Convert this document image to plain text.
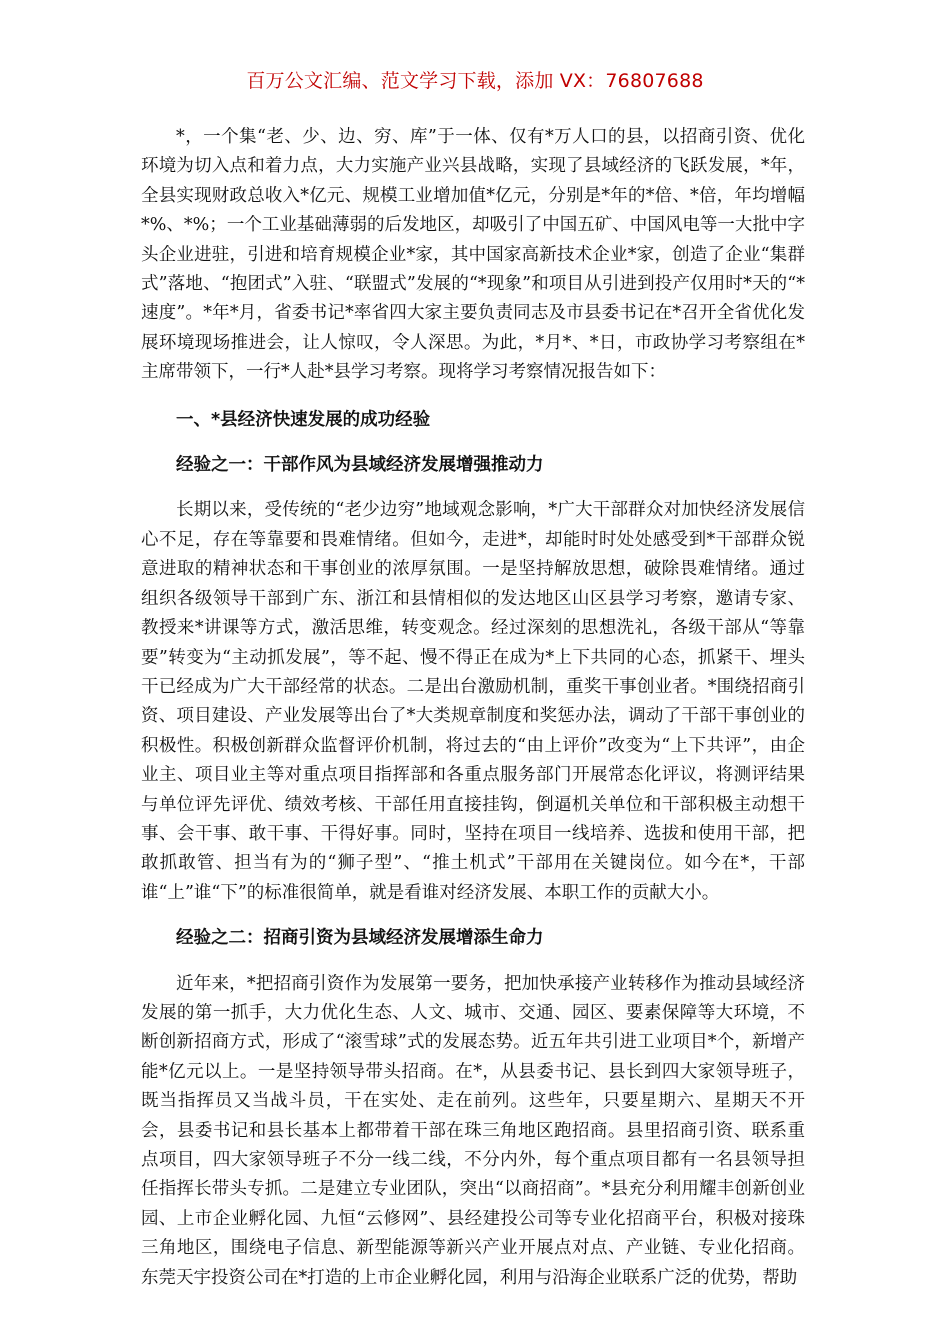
百万公文汇编、范文学习下载，添加 VX：76807688

*，一个集“老、少、边、穷、库”于一体、仅有*万人口的县，以招商引资、优化环境为切入点和着力点，大力实施产业兴县战略，实现了县域经济的飞跃发展，*年，全县实现财政总收入*亿元、规模工业增加值*亿元，分别是*年的*倍、*倍，年均增幅*%、*%；一个工业基础薄弱的后发地区，却吸引了中国五矿、中国风电等一大批中字头企业进驻，引进和培育规模企业*家，其中国家高新技术企业*家，创造了企业“集群式”落地、“抱团式”入驻、“联盟式”发展的“*现象”和项目从引进到投产仅用时*天的“*速度”。*年*月，省委书记*率省四大家主要负责同志及市县委书记在*召开全省优化发展环境现场推进会，让人惊叹，令人深思。为此，*月*、*日，市政协学习考察组在*主席带领下，一行*人赴*县学习考察。现将学习考察情况报告如下：

一、*县经济快速发展的成功经验

经验之一：干部作风为县域经济发展增强推动力

长期以来，受传统的“老少边穷”地域观念影响，*广大干部群众对加快经济发展信心不足，存在等靠要和畏难情绪。但如今，走进*，却能时时处处感受到*干部群众锐意进取的精神状态和干事创业的浓厚氛围。一是坚持解放思想，破除畏难情绪。通过组织各级领导干部到广东、浙江和县情相似的发达地区山区县学习考察，邀请专家、教授来*讲课等方式，激活思维，转变观念。经过深刻的思想洗礼，各级干部从“等靠要”转变为“主动抓发展”，等不起、慢不得正在成为*上下共同的心态，抓紧干、埋头干已经成为广大干部经常的状态。二是出台激励机制，重奖干事创业者。*围绕招商引资、项目建设、产业发展等出台了*大类规章制度和奖惩办法，调动了干部干事创业的积极性。积极创新群众监督评价机制，将过去的“由上评价”改变为“上下共评”，由企业主、项目业主等对重点项目指挥部和各重点服务部门开展常态化评议，将测评结果与单位评先评优、绩效考核、干部任用直接挂钩，倒逼机关单位和干部积极主动想干事、会干事、敢干事、干得好事。同时，坚持在项目一线培养、选拔和使用干部，把敢抓敢管、担当有为的“狮子型”、“推土机式”干部用在关键岗位。如今在*，干部谁“上”谁“下”的标准很简单，就是看谁对经济发展、本职工作的贡献大小。

经验之二：招商引资为县域经济发展增添生命力

近年来，*把招商引资作为发展第一要务，把加快承接产业转移作为推动县域经济发展的第一抓手，大力优化生态、人文、城市、交通、园区、要素保障等大环境，不断创新招商方式，形成了“滚雪球”式的发展态势。近五年共引进工业项目*个，新增产能*亿元以上。一是坚持领导带头招商。在*，从县委书记、县长到四大家领导班子，既当指挥员又当战斗员，干在实处、走在前列。这些年，只要星期六、星期天不开会，县委书记和县长基本上都带着干部在珠三角地区跑招商。县里招商引资、联系重点项目，四大家领导班子不分一线二线，不分内外，每个重点项目都有一名县领导担任指挥长带头专抓。二是建立专业团队，突出“以商招商”。*县充分利用耀丰创新创业园、上市企业孵化园、九恒“云修网”、县经建投公司等专业化招商平台，积极对接珠三角地区，围绕电子信息、新型能源等新兴产业开展点对点、产业链、专业化招商。东莞天宇投资公司在*打造的上市企业孵化园，利用与沿海企业联系广泛的优势，帮助
